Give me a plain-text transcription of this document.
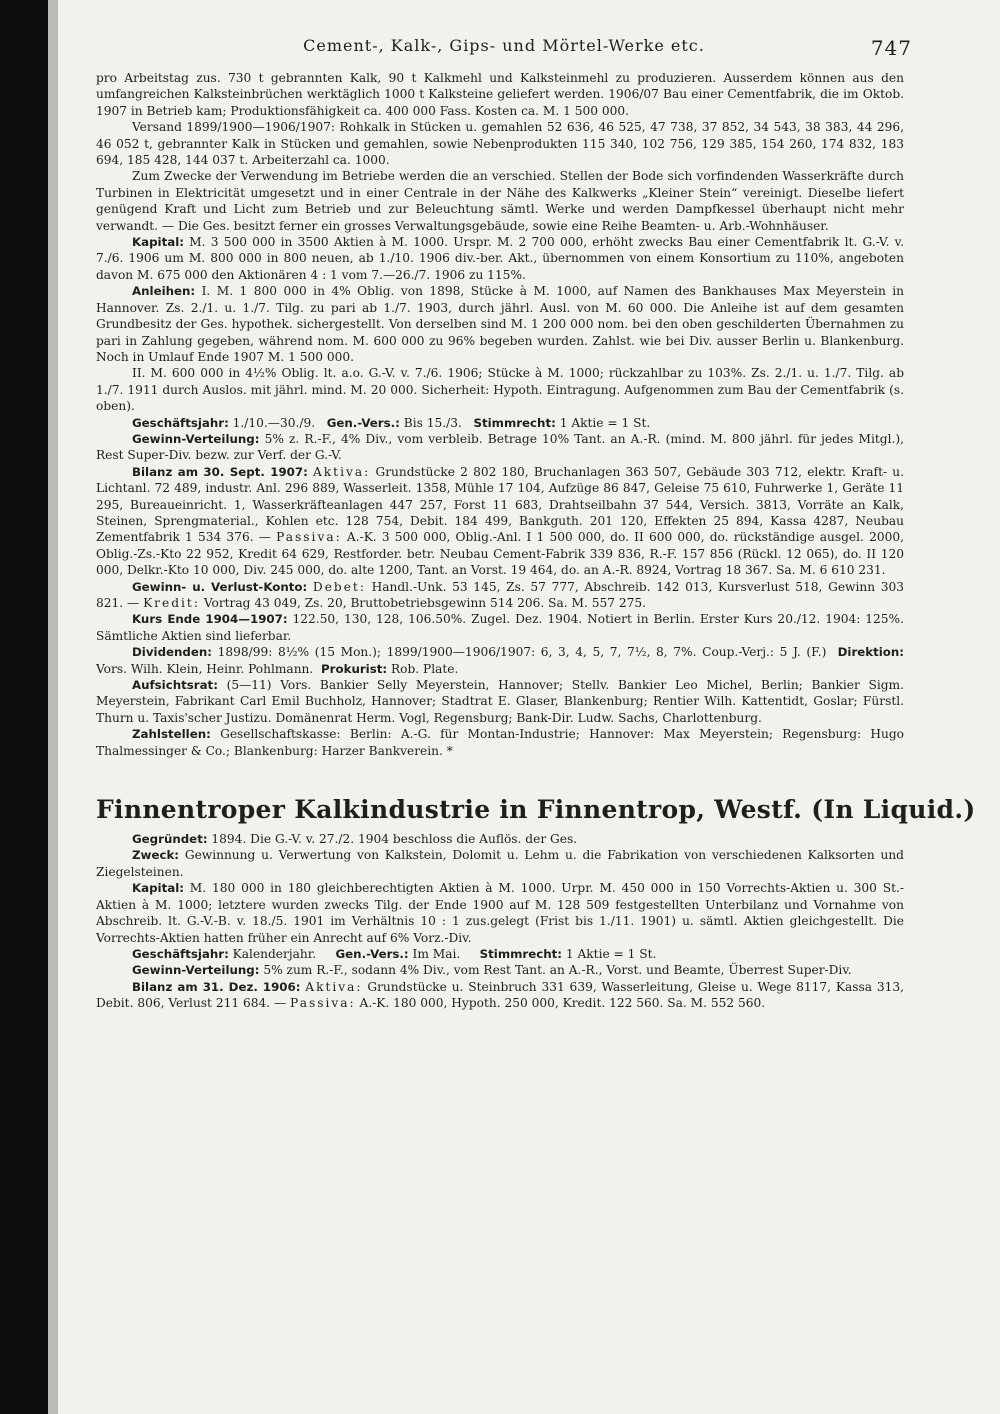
Cement-, Kalk-, Gips- und Mörtel-Werke etc.	747

pro Arbeitstag zus. 730 t gebrannten Kalk, 90 t Kalkmehl und Kalksteinmehl zu produzieren. Ausserdem können aus den umfangreichen Kalksteinbrüchen werktäglich 1000 t Kalksteine geliefert werden. 1906/07 Bau einer Cementfabrik, die im Oktob. 1907 in Betrieb kam; Produktionsfähigkeit ca. 400 000 Fass. Kosten ca. M. 1 500 000.

Versand 1899/1900—1906/1907: Rohkalk in Stücken u. gemahlen 52 636, 46 525, 47 738, 37 852, 34 543, 38 383, 44 296, 46 052 t, gebrannter Kalk in Stücken und gemahlen, sowie Nebenprodukten 115 340, 102 756, 129 385, 154 260, 174 832, 183 694, 185 428, 144 037 t. Arbeiterzahl ca. 1000.

Zum Zwecke der Verwendung im Betriebe werden die an verschied. Stellen der Bode sich vorfindenden Wasserkräfte durch Turbinen in Elektricität umgesetzt und in einer Centrale in der Nähe des Kalkwerks „Kleiner Stein“ vereinigt. Dieselbe liefert genügend Kraft und Licht zum Betrieb und zur Beleuchtung sämtl. Werke und werden Dampfkessel überhaupt nicht mehr verwandt. — Die Ges. besitzt ferner ein grosses Verwaltungsgebäude, sowie eine Reihe Beamten- u. Arb.-Wohnhäuser.

Kapital: M. 3 500 000 in 3500 Aktien à M. 1000. Urspr. M. 2 700 000, erhöht zwecks Bau einer Cementfabrik lt. G.-V. v. 7./6. 1906 um M. 800 000 in 800 neuen, ab 1./10. 1906 div.-ber. Akt., übernommen von einem Konsortium zu 110%, angeboten davon M. 675 000 den Aktionären 4 : 1 vom 7.—26./7. 1906 zu 115%.

Anleihen: I. M. 1 800 000 in 4% Oblig. von 1898, Stücke à M. 1000, auf Namen des Bankhauses Max Meyerstein in Hannover. Zs. 2./1. u. 1./7. Tilg. zu pari ab 1./7. 1903, durch jährl. Ausl. von M. 60 000. Die Anleihe ist auf dem gesamten Grundbesitz der Ges. hypothek. sichergestellt. Von derselben sind M. 1 200 000 nom. bei den oben geschilderten Übernahmen zu pari in Zahlung gegeben, während nom. M. 600 000 zu 96% begeben wurden. Zahlst. wie bei Div. ausser Berlin u. Blankenburg. Noch in Umlauf Ende 1907 M. 1 500 000.

II. M. 600 000 in 4½% Oblig. lt. a.o. G.-V. v. 7./6. 1906; Stücke à M. 1000; rückzahlbar zu 103%. Zs. 2./1. u. 1./7. Tilg. ab 1./7. 1911 durch Auslos. mit jährl. mind. M. 20 000. Sicherheit: Hypoth. Eintragung. Aufgenommen zum Bau der Cementfabrik (s. oben).

Geschäftsjahr: 1./10.—30./9. Gen.-Vers.: Bis 15./3. Stimmrecht: 1 Aktie = 1 St.

Gewinn-Verteilung: 5% z. R.-F., 4% Div., vom verbleib. Betrage 10% Tant. an A.-R. (mind. M. 800 jährl. für jedes Mitgl.), Rest Super-Div. bezw. zur Verf. der G.-V.

Bilanz am 30. Sept. 1907: Aktiva: Grundstücke 2 802 180, Bruchanlagen 363 507, Gebäude 303 712, elektr. Kraft- u. Lichtanl. 72 489, industr. Anl. 296 889, Wasserleit. 1358, Mühle 17 104, Aufzüge 86 847, Geleise 75 610, Fuhrwerke 1, Geräte 11 295, Bureaueinricht. 1, Wasserkräfteanlagen 447 257, Forst 11 683, Drahtseilbahn 37 544, Versich. 3813, Vorräte an Kalk, Steinen, Sprengmaterial., Kohlen etc. 128 754, Debit. 184 499, Bankguth. 201 120, Effekten 25 894, Kassa 4287, Neubau Zementfabrik 1 534 376. — Passiva: A.-K. 3 500 000, Oblig.-Anl. I 1 500 000, do. II 600 000, do. rückständige ausgel. 2000, Oblig.-Zs.-Kto 22 952, Kredit 64 629, Restforder. betr. Neubau Cement-Fabrik 339 836, R.-F. 157 856 (Rückl. 12 065), do. II 120 000, Delkr.-Kto 10 000, Div. 245 000, do. alte 1200, Tant. an Vorst. 19 464, do. an A.-R. 8924, Vortrag 18 367. Sa. M. 6 610 231.

Gewinn- u. Verlust-Konto: Debet: Handl.-Unk. 53 145, Zs. 57 777, Abschreib. 142 013, Kursverlust 518, Gewinn 303 821. — Kredit: Vortrag 43 049, Zs. 20, Bruttobetriebsgewinn 514 206. Sa. M. 557 275.

Kurs Ende 1904—1907: 122.50, 130, 128, 106.50%. Zugel. Dez. 1904. Notiert in Berlin. Erster Kurs 20./12. 1904: 125%. Sämtliche Aktien sind lieferbar.

Dividenden: 1898/99: 8½% (15 Mon.); 1899/1900—1906/1907: 6, 3, 4, 5, 7, 7½, 8, 7%. Coup.-Verj.: 5 J. (F.) Direktion: Vors. Wilh. Klein, Heinr. Pohlmann. Prokurist: Rob. Plate.

Aufsichtsrat: (5—11) Vors. Bankier Selly Meyerstein, Hannover; Stellv. Bankier Leo Michel, Berlin; Bankier Sigm. Meyerstein, Fabrikant Carl Emil Buchholz, Hannover; Stadtrat E. Glaser, Blankenburg; Rentier Wilh. Kattentidt, Goslar; Fürstl. Thurn u. Taxis'scher Justizu. Domänenrat Herm. Vogl, Regensburg; Bank-Dir. Ludw. Sachs, Charlottenburg.

Zahlstellen: Gesellschaftskasse: Berlin: A.-G. für Montan-Industrie; Hannover: Max Meyerstein; Regensburg: Hugo Thalmessinger & Co.; Blankenburg: Harzer Bankverein. *

Finnentroper Kalkindustrie in Finnentrop, Westf. (In Liquid.)

Gegründet: 1894. Die G.-V. v. 27./2. 1904 beschloss die Auflös. der Ges.

Zweck: Gewinnung u. Verwertung von Kalkstein, Dolomit u. Lehm u. die Fabrikation von verschiedenen Kalksorten und Ziegelsteinen.

Kapital: M. 180 000 in 180 gleichberechtigten Aktien à M. 1000. Urpr. M. 450 000 in 150 Vorrechts-Aktien u. 300 St.-Aktien à M. 1000; letztere wurden zwecks Tilg. der Ende 1900 auf M. 128 509 festgestellten Unterbilanz und Vornahme von Abschreib. lt. G.-V.-B. v. 18./5. 1901 im Verhältnis 10 : 1 zus.gelegt (Frist bis 1./11. 1901) u. sämtl. Aktien gleichgestellt. Die Vorrechts-Aktien hatten früher ein Anrecht auf 6% Vorz.-Div.

Geschäftsjahr: Kalenderjahr. Gen.-Vers.: Im Mai. Stimmrecht: 1 Aktie = 1 St.

Gewinn-Verteilung: 5% zum R.-F., sodann 4% Div., vom Rest Tant. an A.-R., Vorst. und Beamte, Überrest Super-Div.

Bilanz am 31. Dez. 1906: Aktiva: Grundstücke u. Steinbruch 331 639, Wasserleitung, Gleise u. Wege 8117, Kassa 313, Debit. 806, Verlust 211 684. — Passiva: A.-K. 180 000, Hypoth. 250 000, Kredit. 122 560. Sa. M. 552 560.
